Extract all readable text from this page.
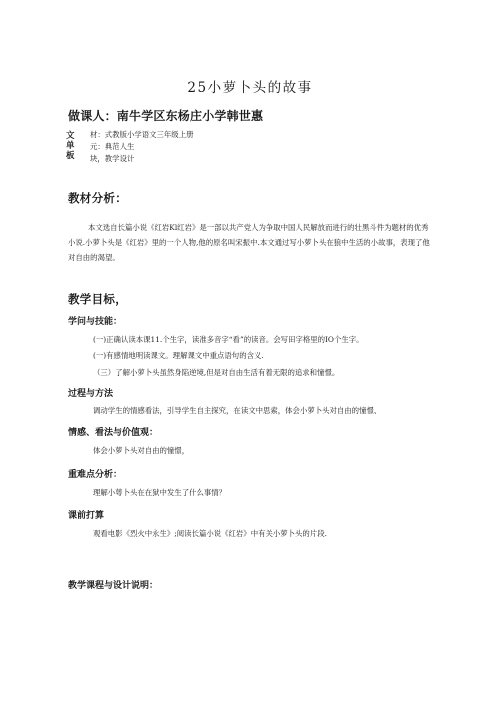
25小萝卜头的故事
做课人：南牛学区东杨庄小学韩世惠
文
单
板
材：式教版小学语文三年级上册
元：典范人生
块，教学设计
教材分析：
本文选自长篇小说《红岩Kl红岩》是一部以共产党人为争取中国人民解放而进行的壮黑斗件为题材的优秀小说.小萝卜头是《红岩》里的一个人物,他的原名叫宋振中.本文通过写小萝卜头在狼中生活的小故事，表现了他对自由的渴望。
教学目标，
学问与技能：
(一)正确认读本课11.个生字，读准多音字“看”的读音。会写田字格里的IO个生字。
(一)有感情地明读课文。理解课文中重点语句的含义.
（三）了解小萝卜头虽然身陷逆境,但是对自由生活有着无限的追求和憧憬。
过程与方法
调动学生的情感看法，引导学生自主探究，在读文中思索，体会小萝卜头对自由的憧憬、
情感、看法与价值观：
体会小萝卜头对自由的憧憬，
重难点分析：
理解小萼卜头在在狱中发生了什么事情？
课前打算
观看电影《烈火中永生》;阅读长篇小说《红岩》中有关小萝卜头的片段.
教学课程与设计说明：
